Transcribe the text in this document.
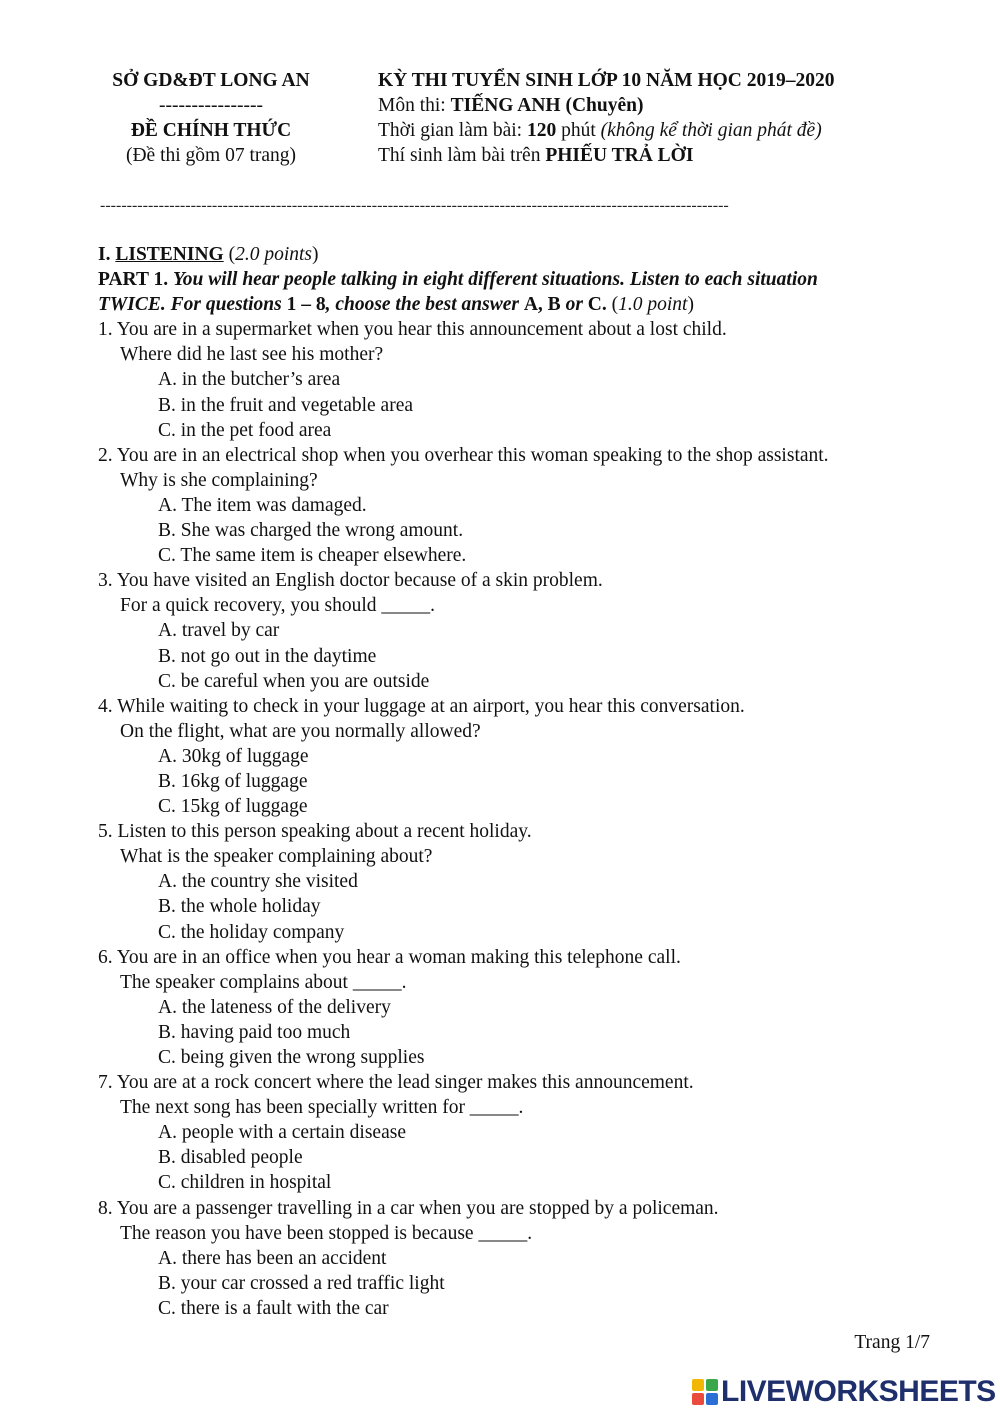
SỞ GD&ĐT LONG AN
----------------
ĐỀ CHÍNH THỨC
(Đề thi gồm 07 trang)
KỲ THI TUYỂN SINH LỚP 10 NĂM HỌC 2019–2020
Môn thi: TIẾNG ANH (Chuyên)
Thời gian làm bài: 120 phút (không kể thời gian phát đề)
Thí sinh làm bài trên PHIẾU TRẢ LỜI
----------------------------------------------------------------------------------------------------------------------
I. LISTENING (2.0 points)
PART 1. You will hear people talking in eight different situations. Listen to each situation
TWICE. For questions 1 – 8, choose the best answer A, B or C. (1.0 point)
1. You are in a supermarket when you hear this announcement about a lost child.
Where did he last see his mother?
A. in the butcher’s area
B. in the fruit and vegetable area
C. in the pet food area
2. You are in an electrical shop when you overhear this woman speaking to the shop assistant.
Why is she complaining?
A. The item was damaged.
B. She was charged the wrong amount.
C. The same item is cheaper elsewhere.
3. You have visited an English doctor because of a skin problem.
For a quick recovery, you should _____.
A. travel by car
B. not go out in the daytime
C. be careful when you are outside
4. While waiting to check in your luggage at an airport, you hear this conversation.
On the flight, what are you normally allowed?
A. 30kg of luggage
B. 16kg of luggage
C. 15kg of luggage
5. Listen to this person speaking about a recent holiday.
What is the speaker complaining about?
A. the country she visited
B. the whole holiday
C. the holiday company
6. You are in an office when you hear a woman making this telephone call.
The speaker complains about _____.
A. the lateness of the delivery
B. having paid too much
C. being given the wrong supplies
7. You are at a rock concert where the lead singer makes this announcement.
The next song has been specially written for _____.
A. people with a certain disease
B. disabled people
C. children in hospital
8. You are a passenger travelling in a car when you are stopped by a policeman.
The reason you have been stopped is because _____.
A. there has been an accident
B. your car crossed a red traffic light
C. there is a fault with the car
Trang 1/7
LIVEWORKSHEETS
